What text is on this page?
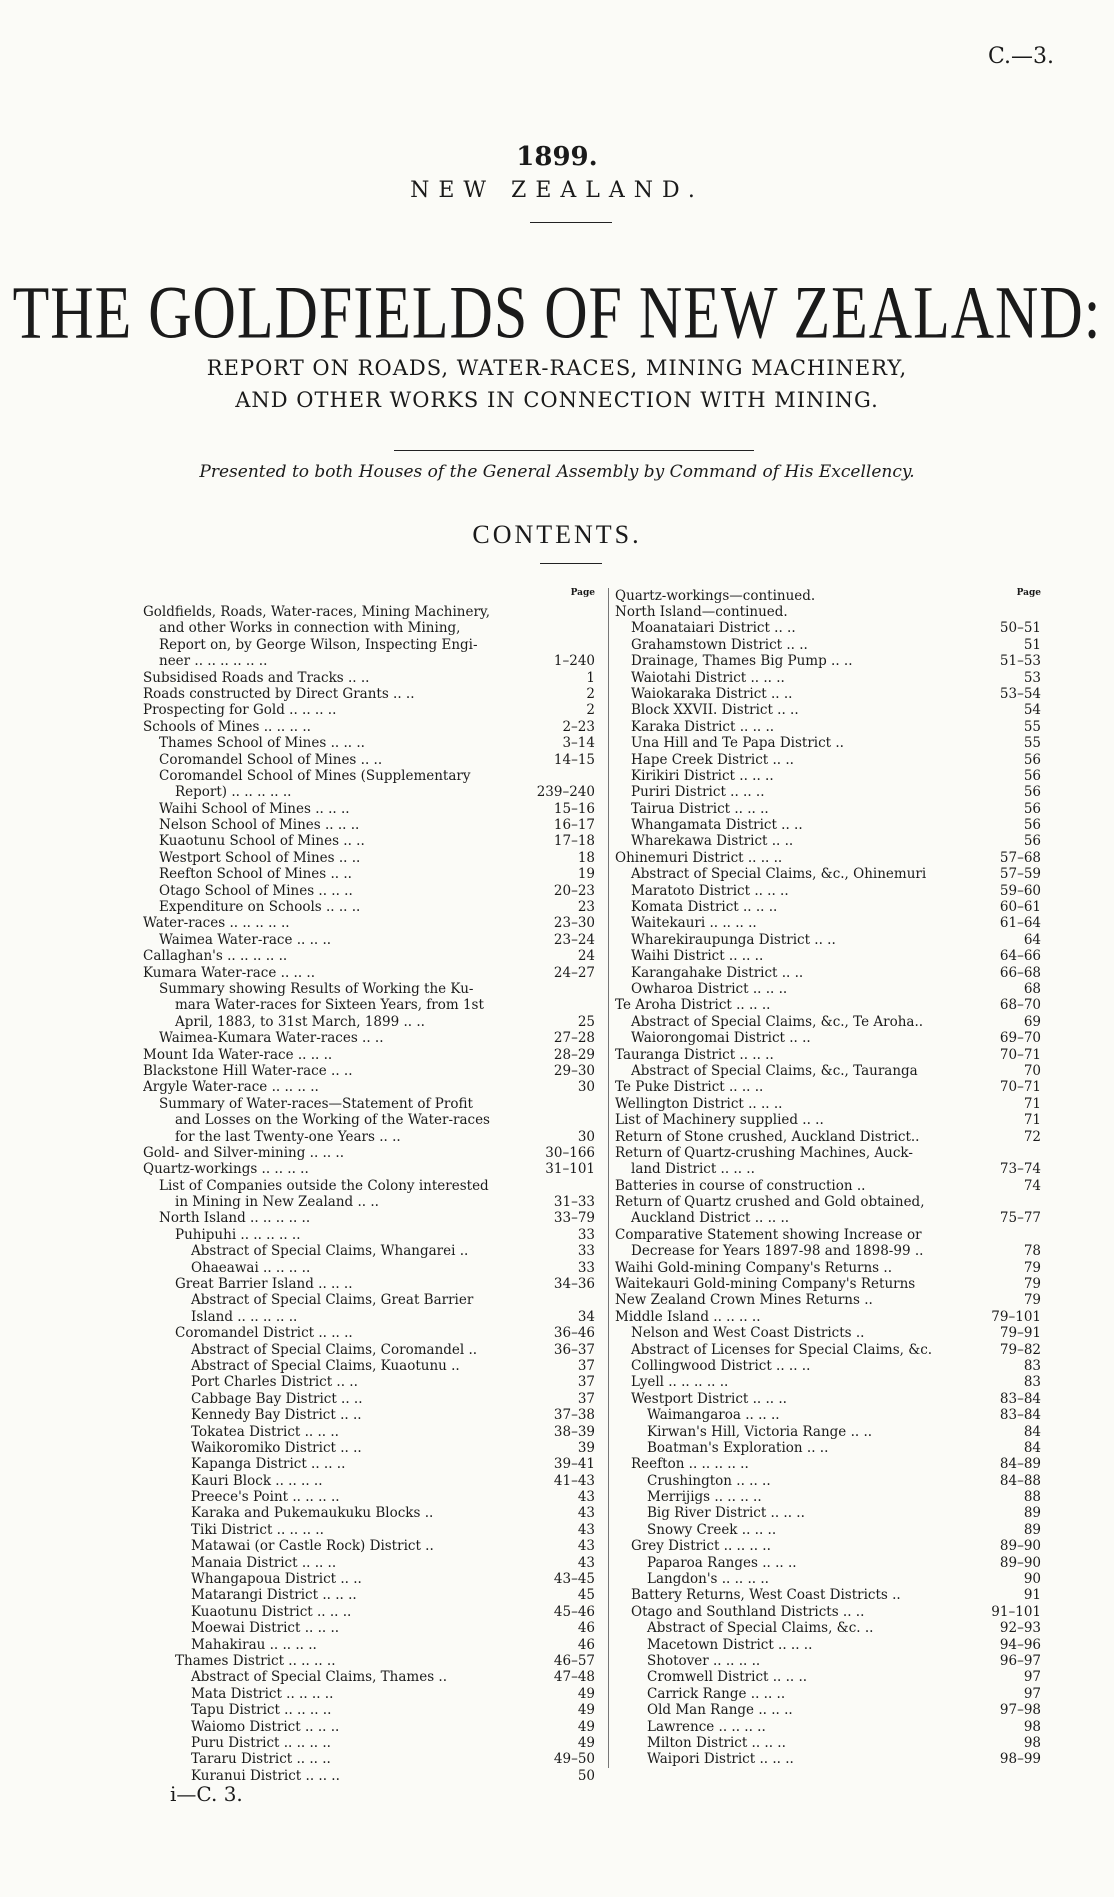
C.—3.
1899.
NEW ZEALAND.
THE GOLDFIELDS OF NEW ZEALAND:
REPORT ON ROADS, WATER-RACES, MINING MACHINERY,
AND OTHER WORKS IN CONNECTION WITH MINING.
Presented to both Houses of the General Assembly by Command of His Excellency.
CONTENTS.
Page
Goldfields, Roads, Water-races, Mining Machinery,
and other Works in connection with Mining,
Report on, by George Wilson, Inspecting Engi-
neer .. .. .. .. .. ..	1–240
Subsidised Roads and Tracks .. ..	1
Roads constructed by Direct Grants .. ..	2
Prospecting for Gold .. .. .. ..	2
Schools of Mines .. .. .. ..	2–23
Thames School of Mines .. .. ..	3–14
Coromandel School of Mines .. ..	14–15
Coromandel School of Mines (Supplementary
Report) .. .. .. .. ..	239–240
Waihi School of Mines .. .. ..	15–16
Nelson School of Mines .. .. ..	16–17
Kuaotunu School of Mines .. ..	17–18
Westport School of Mines .. ..	18
Reefton School of Mines .. ..	19
Otago School of Mines .. .. ..	20–23
Expenditure on Schools .. .. ..	23
Water-races .. .. .. .. ..	23–30
Waimea Water-race .. .. ..	23–24
Callaghan's .. .. .. .. ..	24
Kumara Water-race .. .. ..	24–27
Summary showing Results of Working the Ku-
mara Water-races for Sixteen Years, from 1st
April, 1883, to 31st March, 1899 .. ..	25
Waimea-Kumara Water-races .. ..	27–28
Mount Ida Water-race .. .. ..	28–29
Blackstone Hill Water-race .. ..	29–30
Argyle Water-race .. .. .. ..	30
Summary of Water-races—Statement of Profit
and Losses on the Working of the Water-races
for the last Twenty-one Years .. ..	30
Gold- and Silver-mining .. .. ..	30–166
Quartz-workings .. .. .. ..	31–101
List of Companies outside the Colony interested
in Mining in New Zealand .. ..	31–33
North Island .. .. .. .. ..	33–79
Puhipuhi .. .. .. .. ..	33
Abstract of Special Claims, Whangarei ..	33
Ohaeawai .. .. .. ..	33
Great Barrier Island .. .. ..	34–36
Abstract of Special Claims, Great Barrier
Island .. .. .. .. ..	34
Coromandel District .. .. ..	36–46
Abstract of Special Claims, Coromandel ..	36–37
Abstract of Special Claims, Kuaotunu ..	37
Port Charles District .. ..	37
Cabbage Bay District .. ..	37
Kennedy Bay District .. ..	37–38
Tokatea District .. .. ..	38–39
Waikoromiko District .. ..	39
Kapanga District .. .. ..	39–41
Kauri Block .. .. .. ..	41–43
Preece's Point .. .. .. ..	43
Karaka and Pukemaukuku Blocks ..	43
Tiki District .. .. .. ..	43
Matawai (or Castle Rock) District ..	43
Manaia District .. .. ..	43
Whangapoua District .. ..	43–45
Matarangi District .. .. ..	45
Kuaotunu District .. .. ..	45–46
Moewai District .. .. ..	46
Mahakirau .. .. .. ..	46
Thames District .. .. .. ..	46–57
Abstract of Special Claims, Thames ..	47–48
Mata District .. .. .. ..	49
Tapu District .. .. .. ..	49
Waiomo District .. .. ..	49
Puru District .. .. .. ..	49
Tararu District .. .. ..	49–50
Kuranui District .. .. ..	50
Quartz-workings—continued.	Page
North Island—continued.
Moanataiari District .. ..	50–51
Grahamstown District .. ..	51
Drainage, Thames Big Pump .. ..	51–53
Waiotahi District .. .. ..	53
Waiokaraka District .. ..	53–54
Block XXVII. District .. ..	54
Karaka District .. .. ..	55
Una Hill and Te Papa District ..	55
Hape Creek District .. ..	56
Kirikiri District .. .. ..	56
Puriri District .. .. ..	56
Tairua District .. .. ..	56
Whangamata District .. ..	56
Wharekawa District .. ..	56
Ohinemuri District .. .. ..	57–68
Abstract of Special Claims, &c., Ohinemuri	57–59
Maratoto District .. .. ..	59–60
Komata District .. .. ..	60–61
Waitekauri .. .. .. ..	61–64
Wharekiraupunga District .. ..	64
Waihi District .. .. ..	64–66
Karangahake District .. ..	66–68
Owharoa District .. .. ..	68
Te Aroha District .. .. ..	68–70
Abstract of Special Claims, &c., Te Aroha..	69
Waiorongomai District .. ..	69–70
Tauranga District .. .. ..	70–71
Abstract of Special Claims, &c., Tauranga	70
Te Puke District .. .. ..	70–71
Wellington District .. .. ..	71
List of Machinery supplied .. ..	71
Return of Stone crushed, Auckland District..	72
Return of Quartz-crushing Machines, Auck-
land District .. .. ..	73–74
Batteries in course of construction ..	74
Return of Quartz crushed and Gold obtained,
Auckland District .. .. ..	75–77
Comparative Statement showing Increase or
Decrease for Years 1897-98 and 1898-99 ..	78
Waihi Gold-mining Company's Returns ..	79
Waitekauri Gold-mining Company's Returns	79
New Zealand Crown Mines Returns ..	79
Middle Island .. .. .. ..	79–101
Nelson and West Coast Districts ..	79–91
Abstract of Licenses for Special Claims, &c.	79–82
Collingwood District .. .. ..	83
Lyell .. .. .. .. ..	83
Westport District .. .. ..	83–84
Waimangaroa .. .. ..	83–84
Kirwan's Hill, Victoria Range .. ..	84
Boatman's Exploration .. ..	84
Reefton .. .. .. .. ..	84–89
Crushington .. .. ..	84–88
Merrijigs .. .. .. ..	88
Big River District .. .. ..	89
Snowy Creek .. .. ..	89
Grey District .. .. .. ..	89–90
Paparoa Ranges .. .. ..	89–90
Langdon's .. .. .. ..	90
Battery Returns, West Coast Districts ..	91
Otago and Southland Districts .. ..	91–101
Abstract of Special Claims, &c. ..	92–93
Macetown District .. .. ..	94–96
Shotover .. .. .. ..	96–97
Cromwell District .. .. ..	97
Carrick Range .. .. ..	97
Old Man Range .. .. ..	97–98
Lawrence .. .. .. ..	98
Milton District .. .. ..	98
Waipori District .. .. ..	98–99
i—C. 3.
